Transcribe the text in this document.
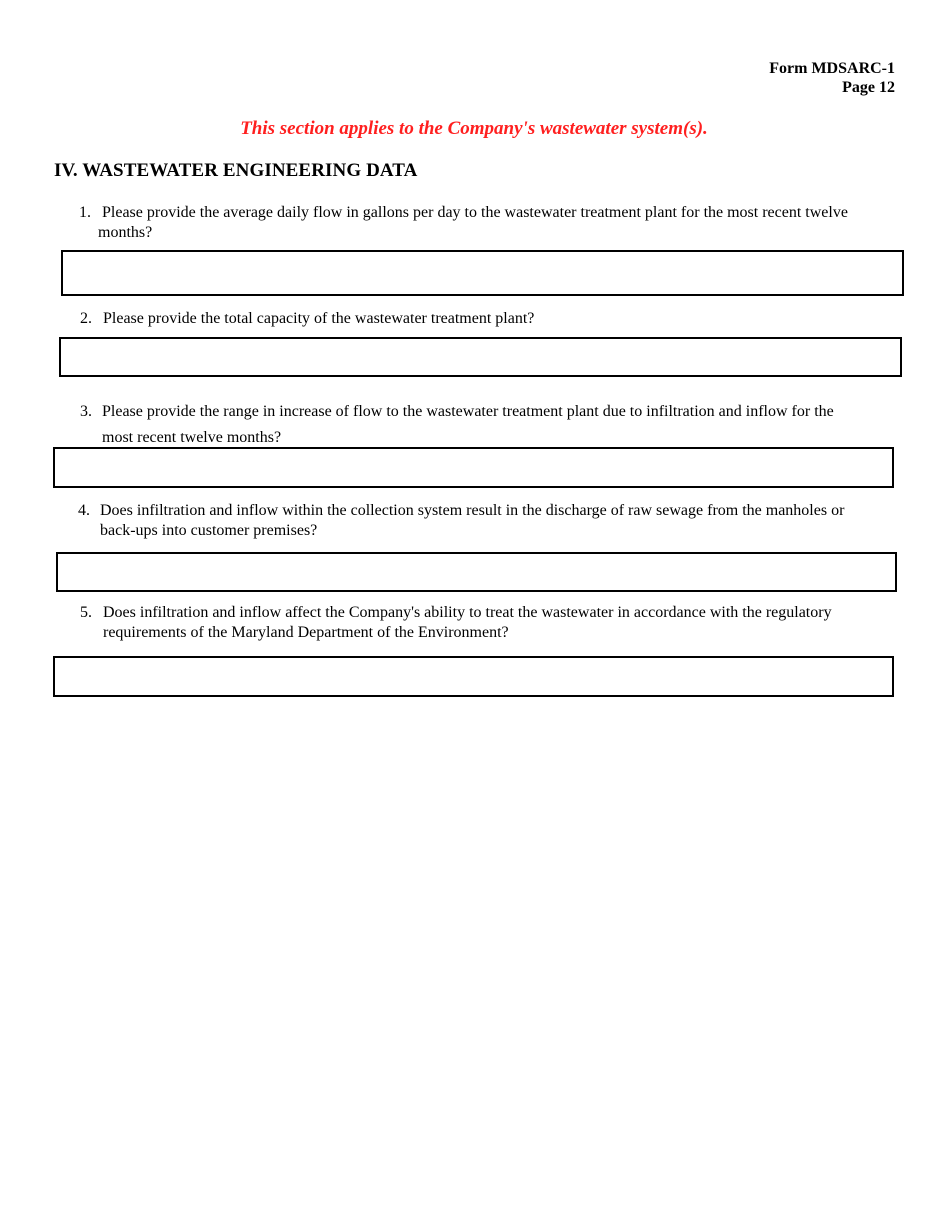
Form MDSARC-1
Page 12
This section applies to the Company's wastewater system(s).
IV. WASTEWATER ENGINEERING DATA
1. Please provide the average daily flow in gallons per day to the wastewater treatment plant for the most recent twelve
months?
2. Please provide the total capacity of the wastewater treatment plant?
3. Please provide the range in increase of flow to the wastewater treatment plant due to infiltration and inflow for the
most recent twelve months?
4. Does infiltration and inflow within the collection system result in the discharge of raw sewage from the manholes or
back-ups into customer premises?
5. Does infiltration and inflow affect the Company's ability to treat the wastewater in accordance with the regulatory
requirements of the Maryland Department of the Environment?
